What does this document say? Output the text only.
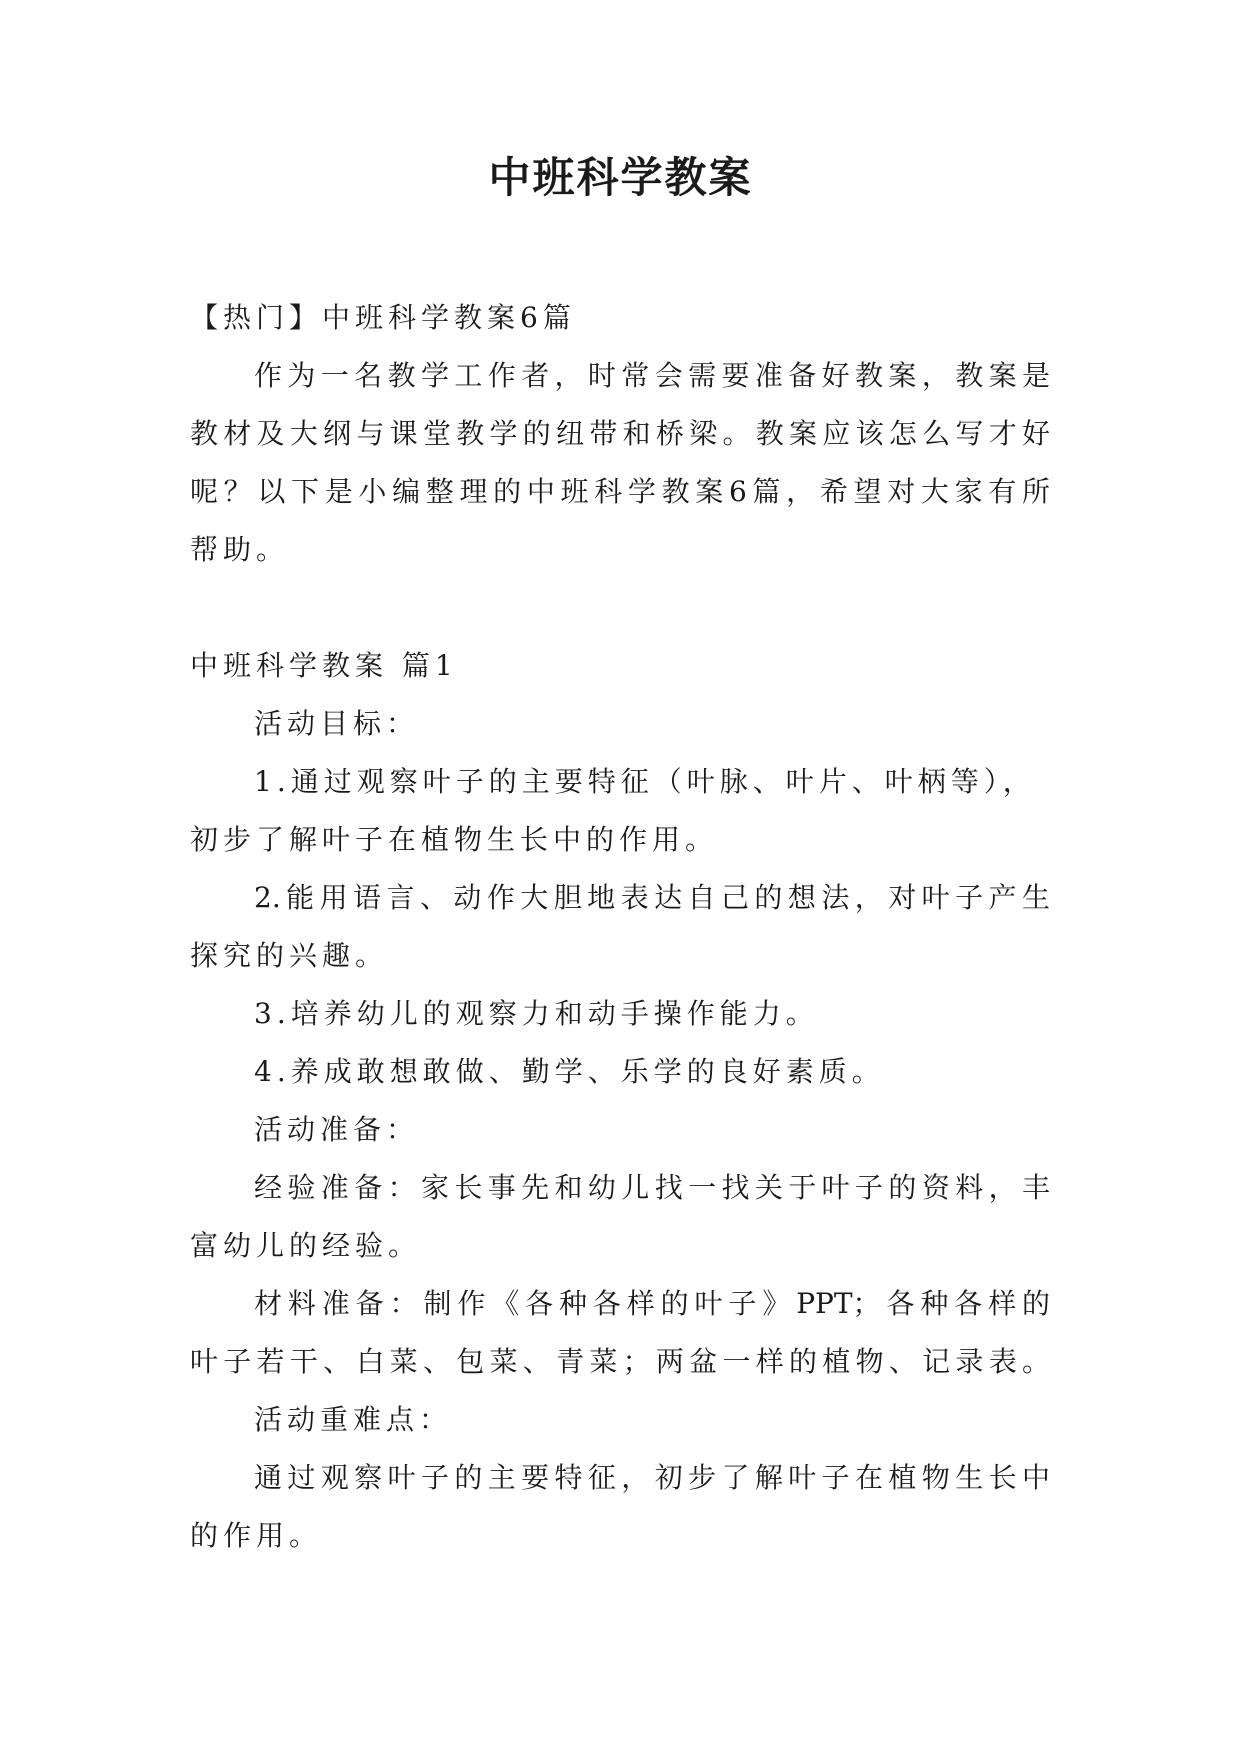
中班科学教案

【热门】中班科学教案6篇

作为一名教学工作者，时常会需要准备好教案，教案是

教材及大纲与课堂教学的纽带和桥梁。教案应该怎么写才好

呢？以下是小编整理的中班科学教案6篇，希望对大家有所

帮助。

中班科学教案 篇1

活动目标：

1.通过观察叶子的主要特征（叶脉、叶片、叶柄等），

初步了解叶子在植物生长中的作用。

2.能用语言、动作大胆地表达自己的想法，对叶子产生

探究的兴趣。

3.培养幼儿的观察力和动手操作能力。

4.养成敢想敢做、勤学、乐学的良好素质。

活动准备：

经验准备：家长事先和幼儿找一找关于叶子的资料，丰

富幼儿的经验。

材料准备：制作《各种各样的叶子》PPT；各种各样的

叶子若干、白菜、包菜、青菜；两盆一样的植物、记录表。

活动重难点：

通过观察叶子的主要特征，初步了解叶子在植物生长中

的作用。
